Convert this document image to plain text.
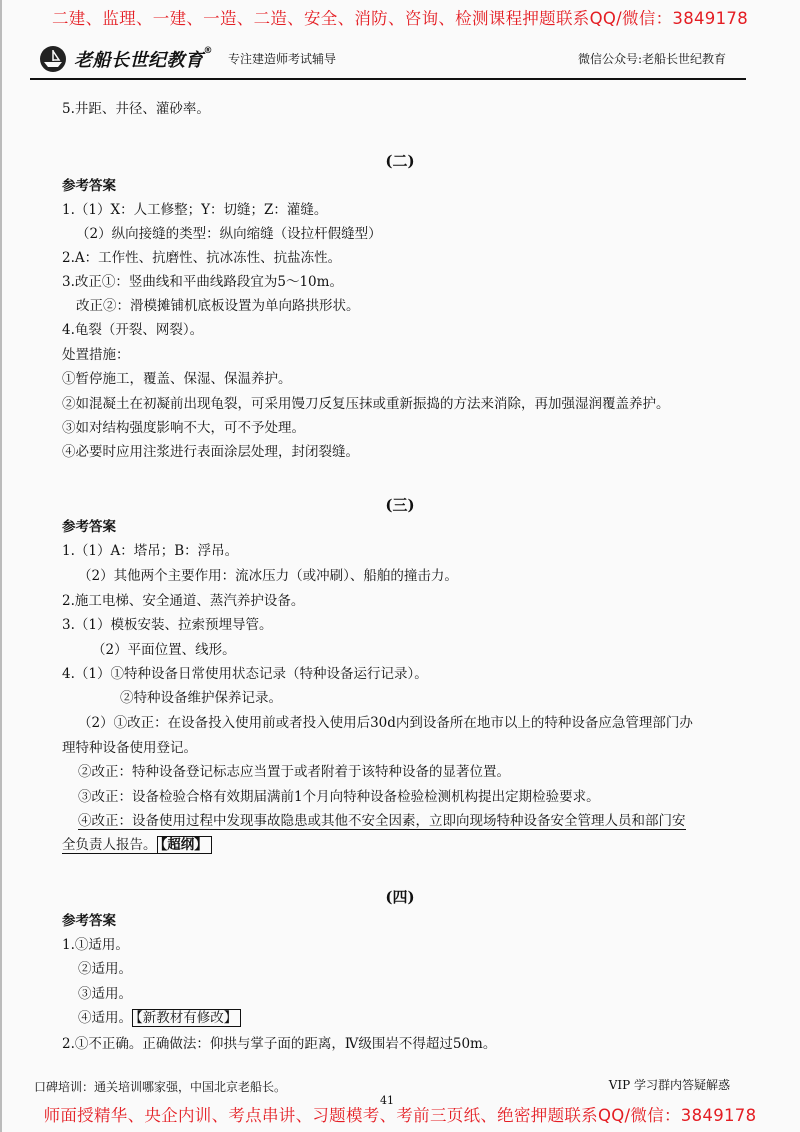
二建、监理、一建、一造、二造、安全、消防、咨询、检测课程押题联系QQ/微信：3849178
老船长世纪教育®
专注建造师考试辅导	微信公众号:老船长世纪教育
5.井距、井径、灌砂率。
(二)
参考答案
1.（1）X：人工修整；Y：切缝；Z：灌缝。
（2）纵向接缝的类型：纵向缩缝（设拉杆假缝型）
2.A：工作性、抗磨性、抗冰冻性、抗盐冻性。
3.改正①：竖曲线和平曲线路段宜为5～10m。
改正②：滑模摊铺机底板设置为单向路拱形状。
4.龟裂（开裂、网裂）。
处置措施：
①暂停施工，覆盖、保湿、保温养护。
②如混凝土在初凝前出现龟裂，可采用馒刀反复压抹或重新振捣的方法来消除，再加强湿润覆盖养护。
③如对结构强度影响不大，可不予处理。
④必要时应用注浆进行表面涂层处理，封闭裂缝。
(三)
参考答案
1.（1）A：塔吊；B：浮吊。
（2）其他两个主要作用：流冰压力（或冲刷）、船舶的撞击力。
2.施工电梯、安全通道、蒸汽养护设备。
3.（1）模板安装、拉索预埋导管。
（2）平面位置、线形。
4.（1）①特种设备日常使用状态记录（特种设备运行记录）。
②特种设备维护保养记录。
（2）①改正：在设备投入使用前或者投入使用后30d内到设备所在地市以上的特种设备应急管理部门办
理特种设备使用登记。
②改正：特种设备登记标志应当置于或者附着于该特种设备的显著位置。
③改正：设备检验合格有效期届满前1个月向特种设备检验检测机构提出定期检验要求。
④改正：设备使用过程中发现事故隐患或其他不安全因素，立即向现场特种设备安全管理人员和部门安
全负责人报告。 【超纲】
(四)
参考答案
1.①适用。
②适用。
③适用。
④适用。 【新教材有修改】
2.①不正确。正确做法：仰拱与掌子面的距离，Ⅳ级围岩不得超过50m。
口碑培训：通关培训哪家强，中国北京老船长。	VIP 学习群内答疑解惑
41
师面授精华、央企内训、考点串讲、习题模考、考前三页纸、绝密押题联系QQ/微信：3849178
